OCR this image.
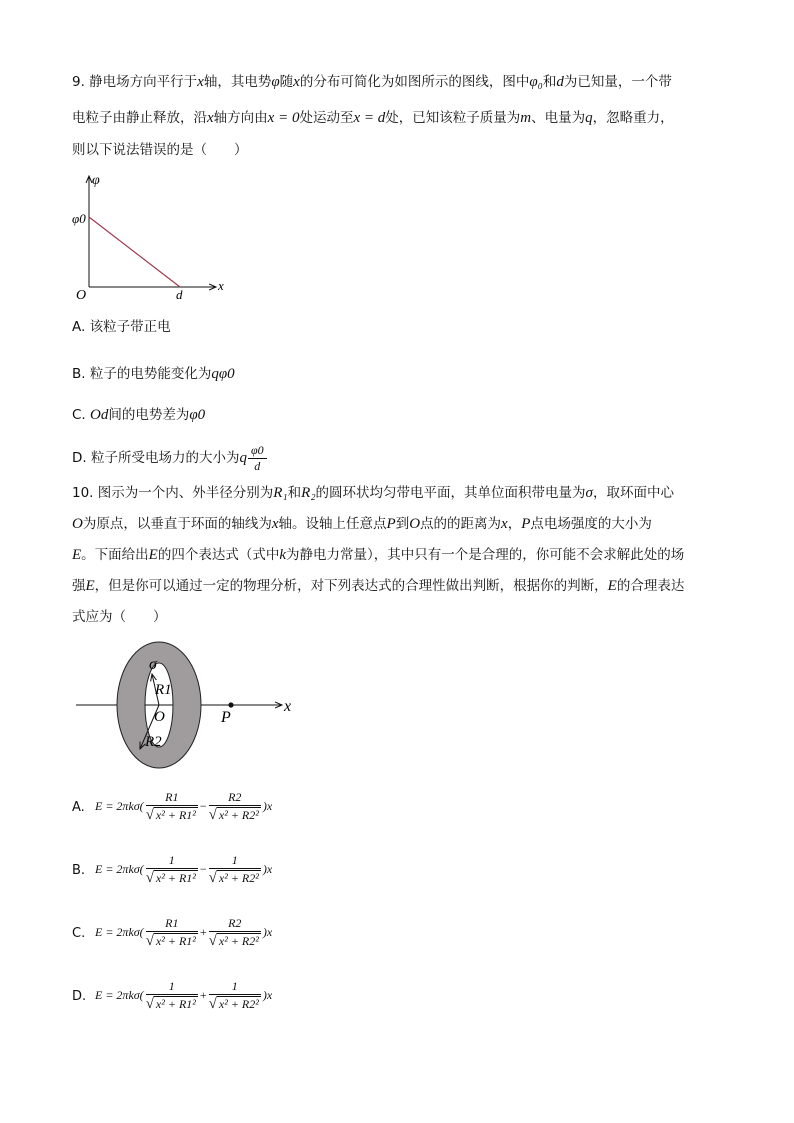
9. 静电场方向平行于x轴，其电势φ随x的分布可简化为如图所示的图线，图中φ₀和d为已知量，一个带
电粒子由静止释放，沿x轴方向由x = 0处运动至x = d处，已知该粒子质量为m、电量为q，忽略重力，
则以下说法错误的是（　　）
φ
φ0
O	d
x
A. 该粒子带正电
B. 粒子的电势能变化为qφ0
C. Od间的电势差为φ0
D. 粒子所受电场力的大小为 q $\frac{\varphi 0}{d}$
10. 图示为一个内、外半径分别为R₁和R₂的圆环状均匀带电平面，其单位面积带电量为σ，取环面中心
O为原点，以垂直于环面的轴线为x轴。设轴上任意点P到O点的的距离为x，P点电场强度的大小为
E。下面给出E的四个表达式（式中k为静电力常量），其中只有一个是合理的，你可能不会求解此处的场
强E，但是你可以通过一定的物理分析，对下列表达式的合理性做出判断，根据你的判断，E的合理表达
式应为（　　）
σ
R1
O
R2
P
x
A. $E = 2\pi k\sigma( \frac{R1}{\text{√ x² + R1²}} - \frac{R2}{\text{√ x² + R2²}} )x$
B. $E = 2\pi k\sigma( \frac{1}{\text{√ x² + R1²}} - \frac{1}{\text{√ x² + R2²}} )x$
C. $E = 2\pi k\sigma( \frac{R1}{\text{√ x² + R1²}} + \frac{R2}{\text{√ x² + R2²}} )x$
D. $E = 2\pi k\sigma( \frac{1}{\text{√ x² + R1²}} + \frac{1}{\text{√ x² + R2²}} )x$
